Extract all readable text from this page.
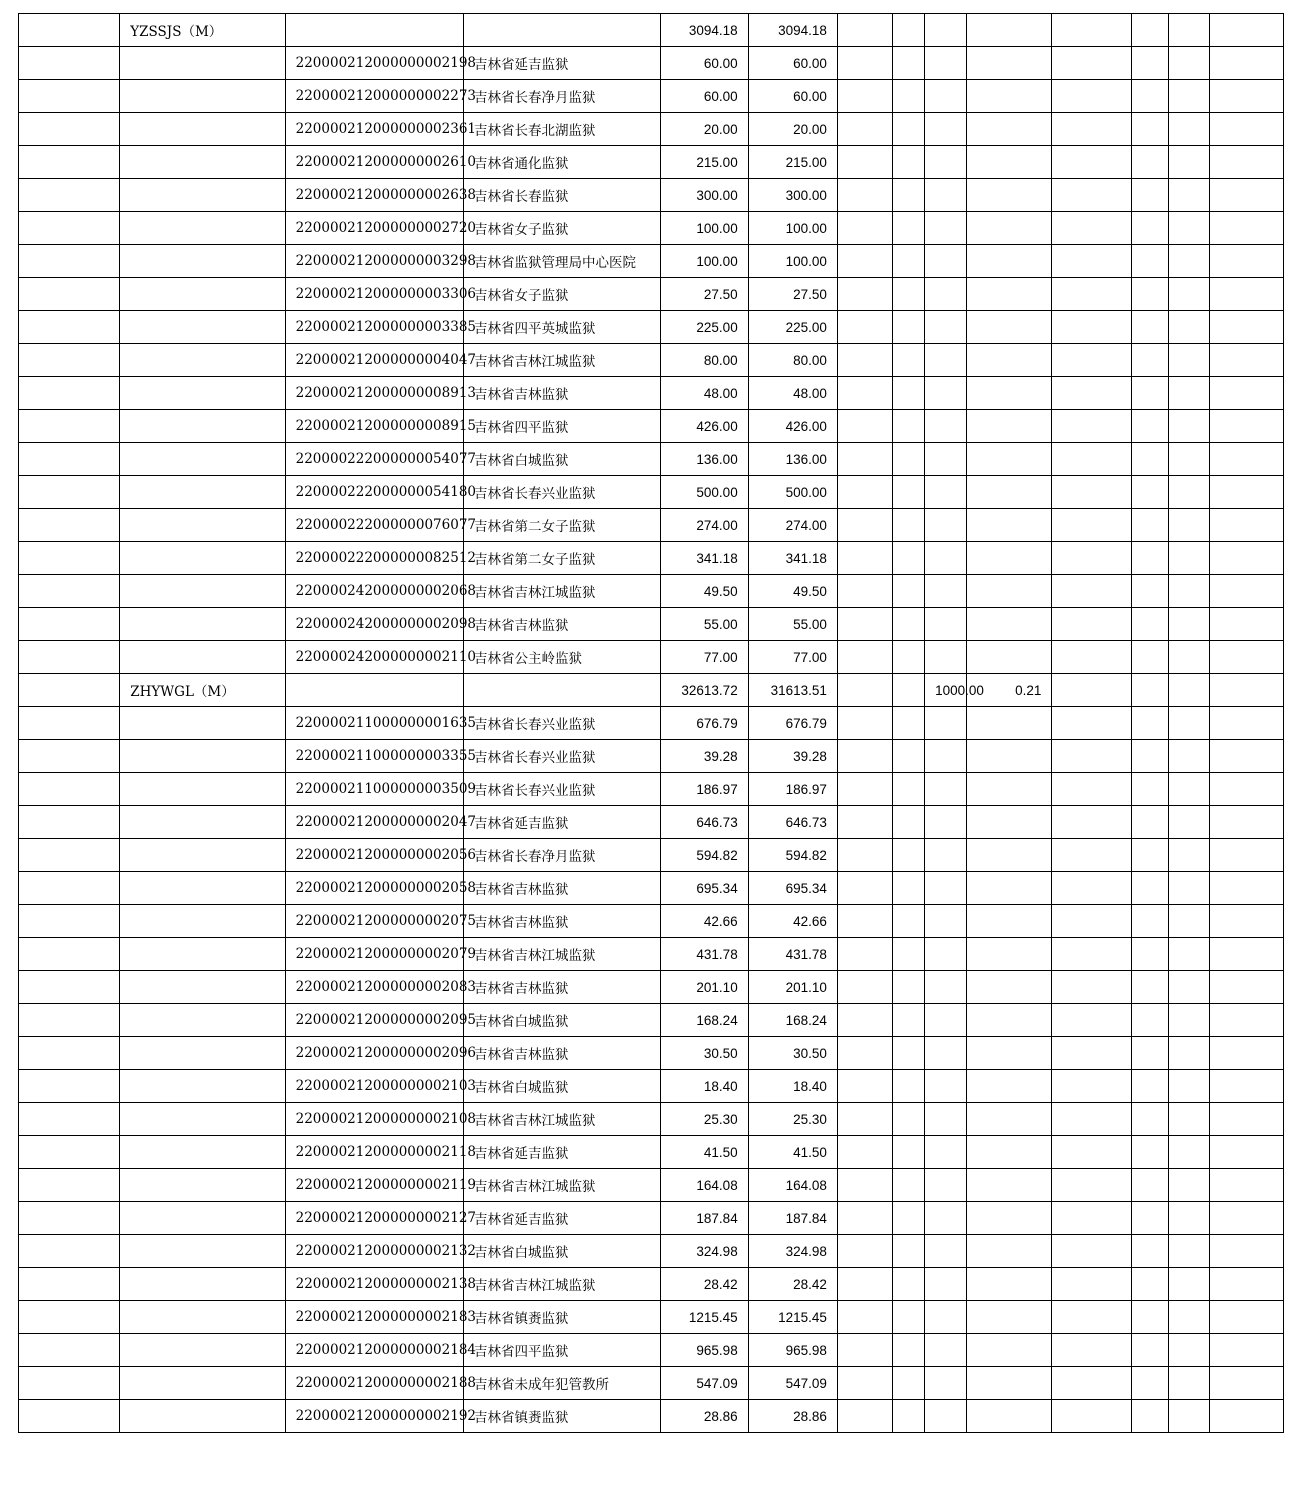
	YZSSJS（M）			3094.18	3094.18								
		220000212000000002198	吉林省延吉监狱	60.00	60.00								
		220000212000000002273	吉林省长春净月监狱	60.00	60.00								
		220000212000000002361	吉林省长春北湖监狱	20.00	20.00								
		220000212000000002610	吉林省通化监狱	215.00	215.00								
		220000212000000002638	吉林省长春监狱	300.00	300.00								
		220000212000000002720	吉林省女子监狱	100.00	100.00								
		220000212000000003298	吉林省监狱管理局中心医院	100.00	100.00								
		220000212000000003306	吉林省女子监狱	27.50	27.50								
		220000212000000003385	吉林省四平英城监狱	225.00	225.00								
		220000212000000004047	吉林省吉林江城监狱	80.00	80.00								
		220000212000000008913	吉林省吉林监狱	48.00	48.00								
		220000212000000008915	吉林省四平监狱	426.00	426.00								
		220000222000000054077	吉林省白城监狱	136.00	136.00								
		220000222000000054180	吉林省长春兴业监狱	500.00	500.00								
		220000222000000076077	吉林省第二女子监狱	274.00	274.00								
		220000222000000082512	吉林省第二女子监狱	341.18	341.18								
		220000242000000002068	吉林省吉林江城监狱	49.50	49.50								
		220000242000000002098	吉林省吉林监狱	55.00	55.00								
		220000242000000002110	吉林省公主岭监狱	77.00	77.00								
	ZHYWGL（M）			32613.72	31613.51			1000.00	0.21				
		220000211000000001635	吉林省长春兴业监狱	676.79	676.79								
		220000211000000003355	吉林省长春兴业监狱	39.28	39.28								
		220000211000000003509	吉林省长春兴业监狱	186.97	186.97								
		220000212000000002047	吉林省延吉监狱	646.73	646.73								
		220000212000000002056	吉林省长春净月监狱	594.82	594.82								
		220000212000000002058	吉林省吉林监狱	695.34	695.34								
		220000212000000002075	吉林省吉林监狱	42.66	42.66								
		220000212000000002079	吉林省吉林江城监狱	431.78	431.78								
		220000212000000002083	吉林省吉林监狱	201.10	201.10								
		220000212000000002095	吉林省白城监狱	168.24	168.24								
		220000212000000002096	吉林省吉林监狱	30.50	30.50								
		220000212000000002103	吉林省白城监狱	18.40	18.40								
		220000212000000002108	吉林省吉林江城监狱	25.30	25.30								
		220000212000000002118	吉林省延吉监狱	41.50	41.50								
		220000212000000002119	吉林省吉林江城监狱	164.08	164.08								
		220000212000000002127	吉林省延吉监狱	187.84	187.84								
		220000212000000002132	吉林省白城监狱	324.98	324.98								
		220000212000000002138	吉林省吉林江城监狱	28.42	28.42								
		220000212000000002183	吉林省镇赉监狱	1215.45	1215.45								
		220000212000000002184	吉林省四平监狱	965.98	965.98								
		220000212000000002188	吉林省未成年犯管教所	547.09	547.09								
		220000212000000002192	吉林省镇赉监狱	28.86	28.86								
